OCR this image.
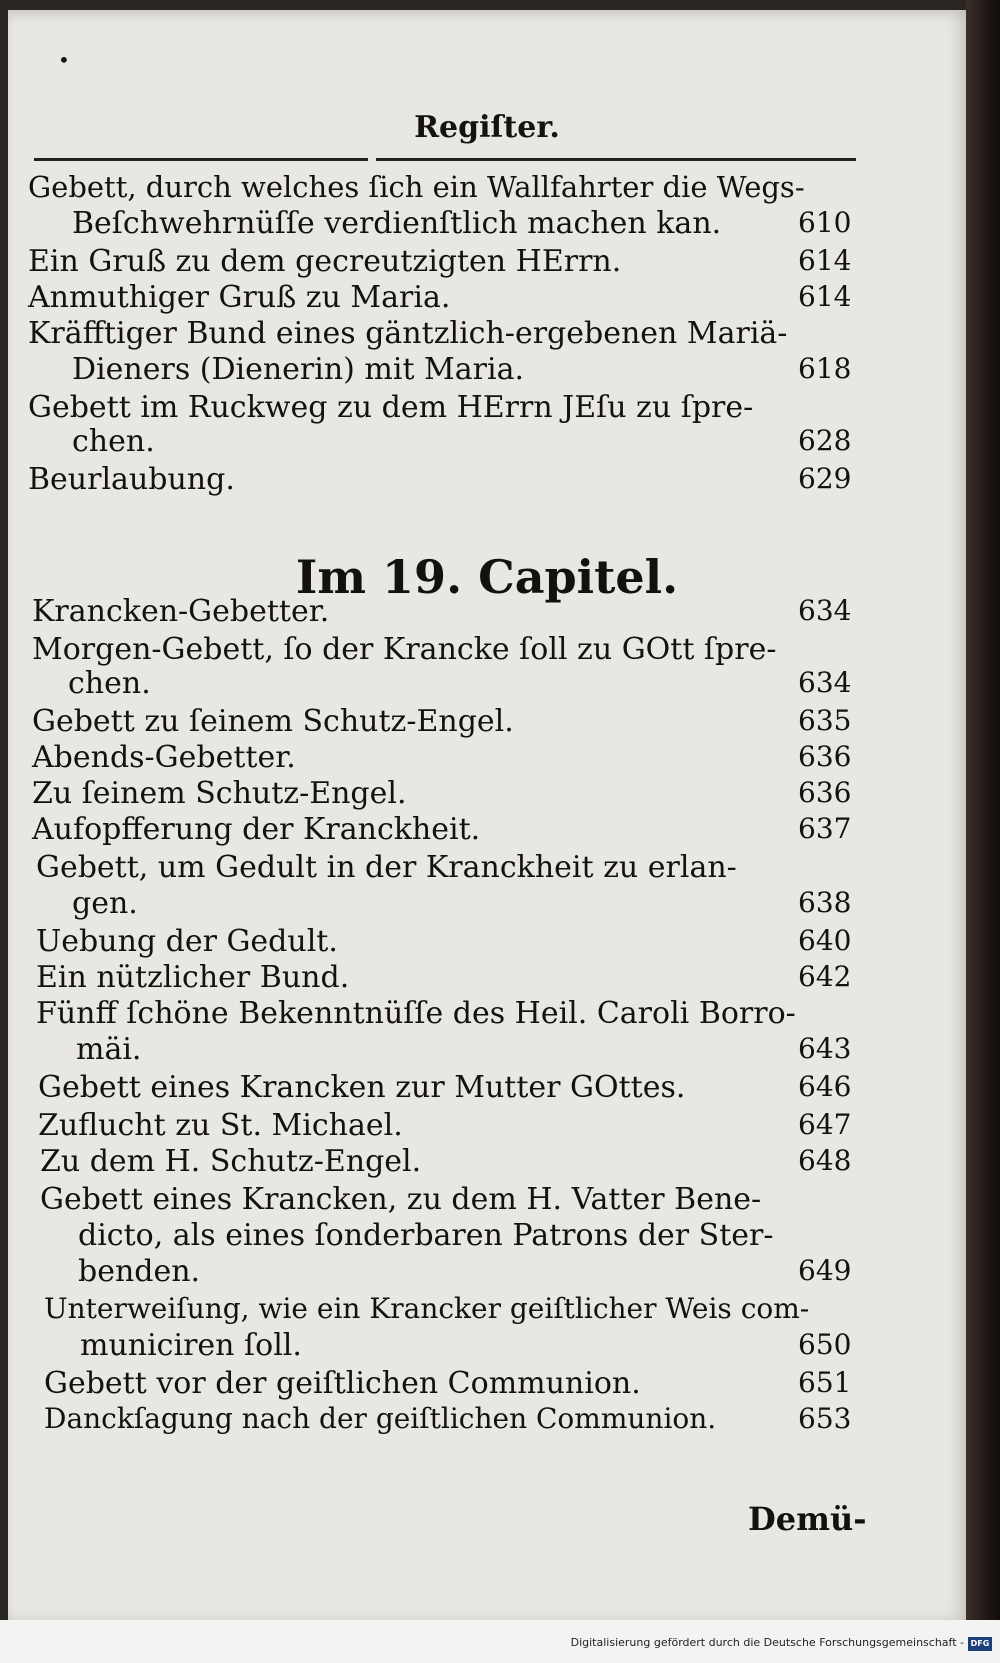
•
Regiſter.
Gebett, durch welches ſich ein Wallfahrter die Wegs-
Beſchwehrnüſſe verdienſtlich machen kan.	610
Ein Gruß zu dem gecreutzigten HErrn.	614
Anmuthiger Gruß zu Maria.	614
Kräfftiger Bund eines gäntzlich-ergebenen Mariä-
Dieners (Dienerin) mit Maria.	618
Gebett im Ruckweg zu dem HErrn JEſu zu ſpre-
chen.	628
Beurlaubung.	629
Krancken-Gebetter.	634
Morgen-Gebett, ſo der Krancke ſoll zu GOtt ſpre-
chen.	634
Gebett zu ſeinem Schutz-Engel.	635
Abends-Gebetter.	636
Zu ſeinem Schutz-Engel.	636
Aufopfferung der Kranckheit.	637
Gebett, um Gedult in der Kranckheit zu erlan-
gen.	638
Uebung der Gedult.	640
Ein nützlicher Bund.	642
Fünff ſchöne Bekenntnüſſe des Heil. Caroli Borro-
mäi.	643
Gebett eines Krancken zur Mutter GOttes.	646
Zuflucht zu St. Michael.	647
Zu dem H. Schutz-Engel.	648
Gebett eines Krancken, zu dem H. Vatter Bene-
dicto, als eines ſonderbaren Patrons der Ster-
benden.	649
Unterweiſung, wie ein Krancker geiſtlicher Weis com-
municiren ſoll.	650
Gebett vor der geiſtlichen Communion.	651
Danckſagung nach der geiſtlichen Communion.	653
Im 19. Capitel.
Demü-
Digitalisierung gefördert durch die Deutsche Forschungsgemeinschaft - DFG
